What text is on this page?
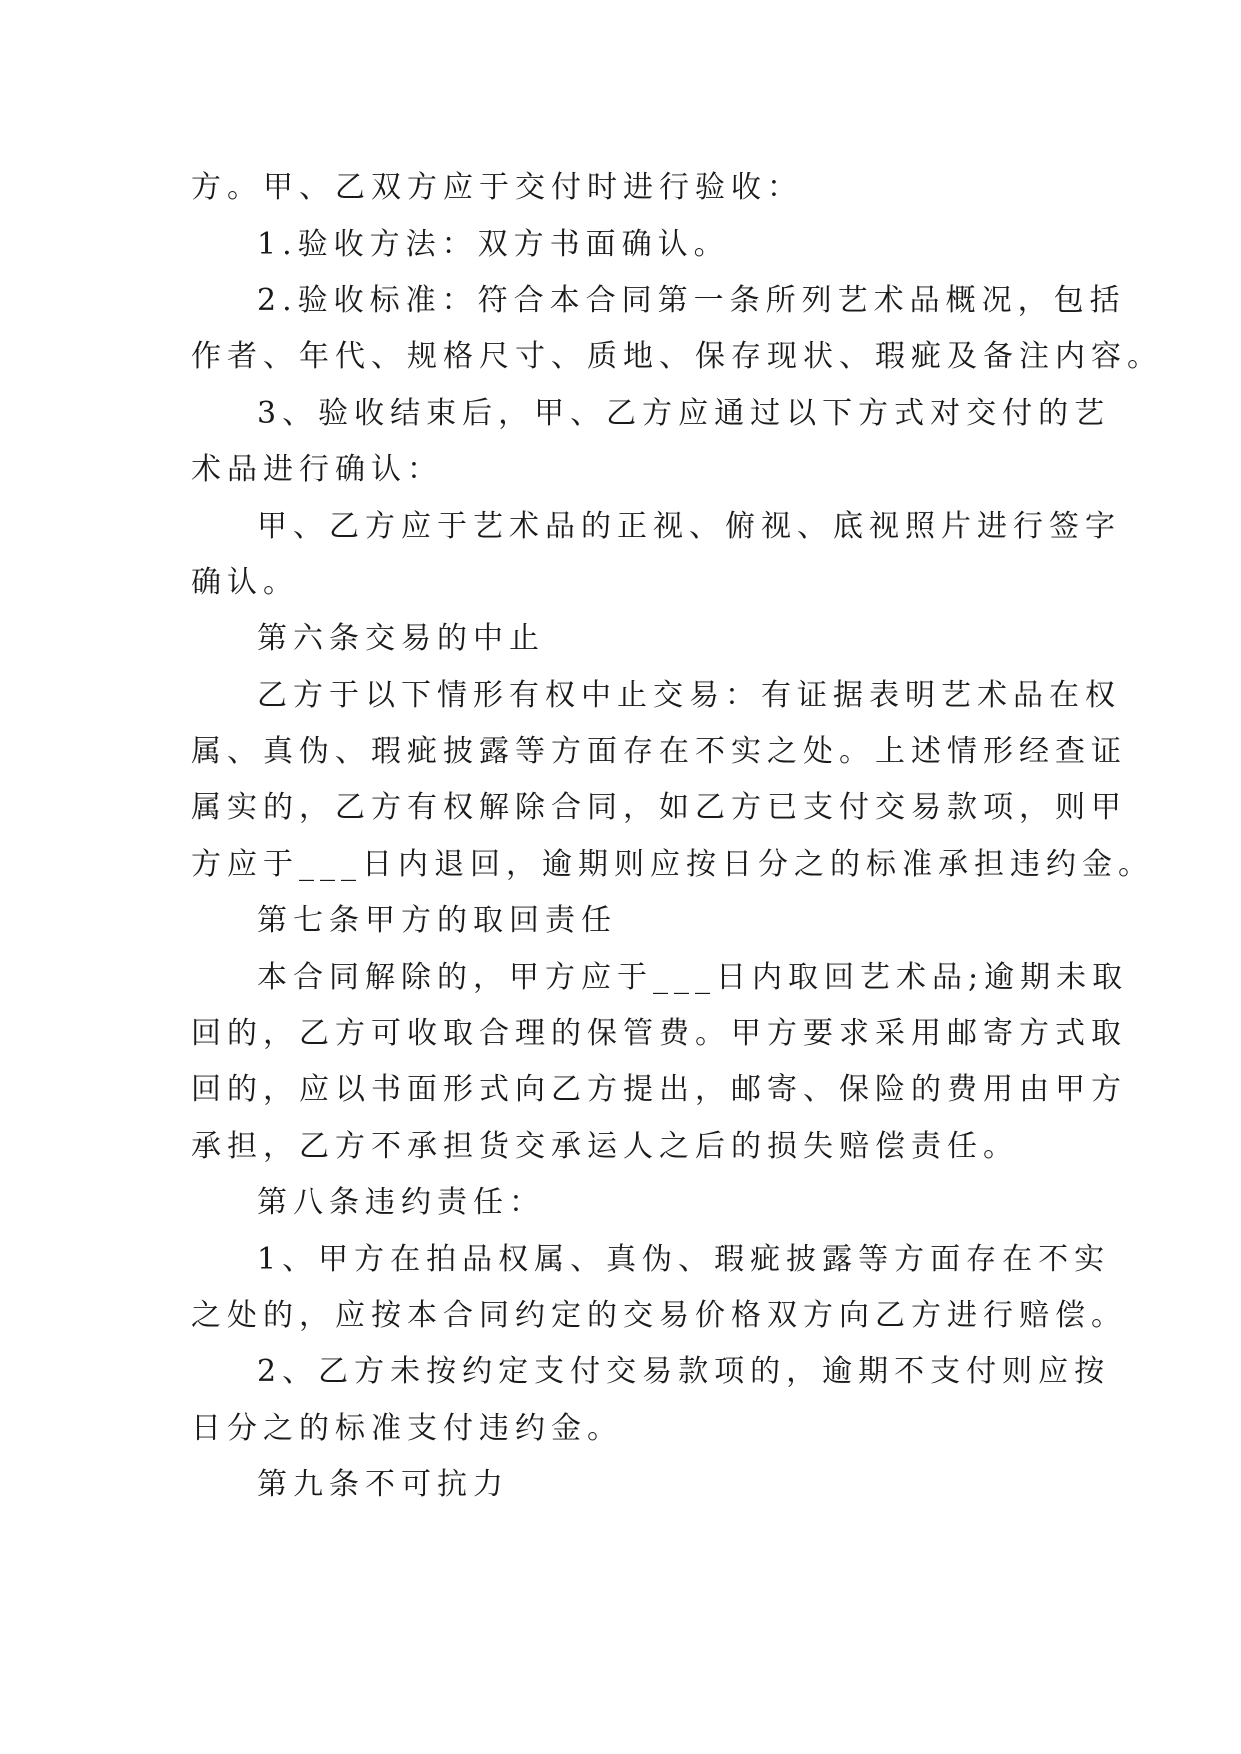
方。甲、乙双方应于交付时进行验收：
1.验收方法：双方书面确认。
2.验收标准：符合本合同第一条所列艺术品概况，包括
作者、年代、规格尺寸、质地、保存现状、瑕疵及备注内容。
3、验收结束后，甲、乙方应通过以下方式对交付的艺
术品进行确认：
甲、乙方应于艺术品的正视、俯视、底视照片进行签字
确认。
第六条交易的中止
乙方于以下情形有权中止交易：有证据表明艺术品在权
属、真伪、瑕疵披露等方面存在不实之处。上述情形经查证
属实的，乙方有权解除合同，如乙方已支付交易款项，则甲
方应于___日内退回，逾期则应按日分之的标准承担违约金。
第七条甲方的取回责任
本合同解除的，甲方应于___日内取回艺术品;逾期未取
回的，乙方可收取合理的保管费。甲方要求采用邮寄方式取
回的，应以书面形式向乙方提出，邮寄、保险的费用由甲方
承担，乙方不承担货交承运人之后的损失赔偿责任。
第八条违约责任：
1、甲方在拍品权属、真伪、瑕疵披露等方面存在不实
之处的，应按本合同约定的交易价格双方向乙方进行赔偿。
2、乙方未按约定支付交易款项的，逾期不支付则应按
日分之的标准支付违约金。
第九条不可抗力
